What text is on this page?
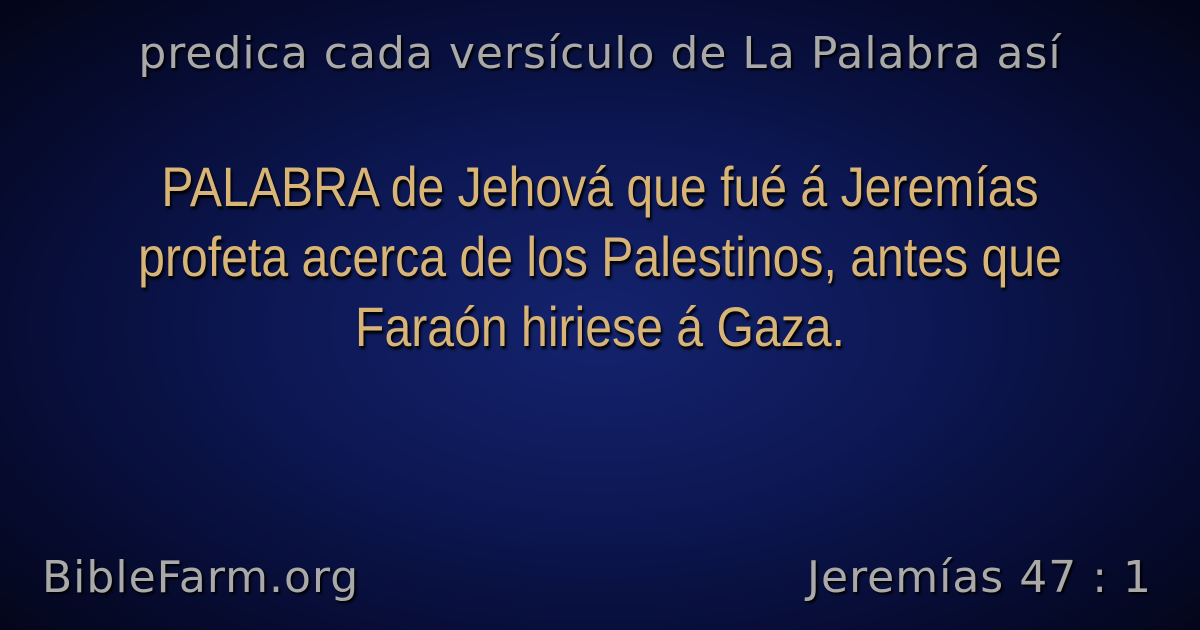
predica cada versículo de La Palabra así
PALABRA de Jehová que fué á Jeremías profeta acerca de los Palestinos, antes que Faraón hiriese á Gaza.
BibleFarm.org	Jeremías 47 : 1
